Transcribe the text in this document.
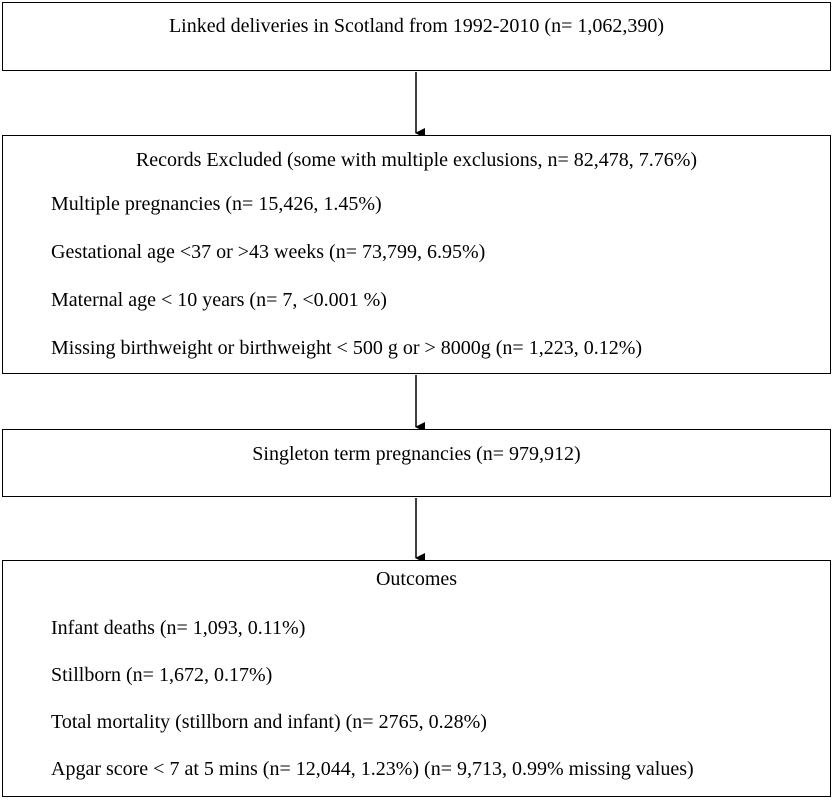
Linked deliveries in Scotland from 1992-2010 (n= 1,062,390)
Records Excluded (some with multiple exclusions, n= 82,478, 7.76%)
Multiple pregnancies (n= 15,426, 1.45%)
Gestational age <37 or >43 weeks (n= 73,799, 6.95%)
Maternal age < 10 years (n= 7, <0.001 %)
Missing birthweight or birthweight < 500 g or > 8000g (n= 1,223, 0.12%)
Singleton term pregnancies (n= 979,912)
Outcomes
Infant deaths (n= 1,093, 0.11%)
Stillborn (n= 1,672, 0.17%)
Total mortality (stillborn and infant) (n= 2765, 0.28%)
Apgar score < 7 at 5 mins (n= 12,044, 1.23%) (n= 9,713, 0.99% missing values)
